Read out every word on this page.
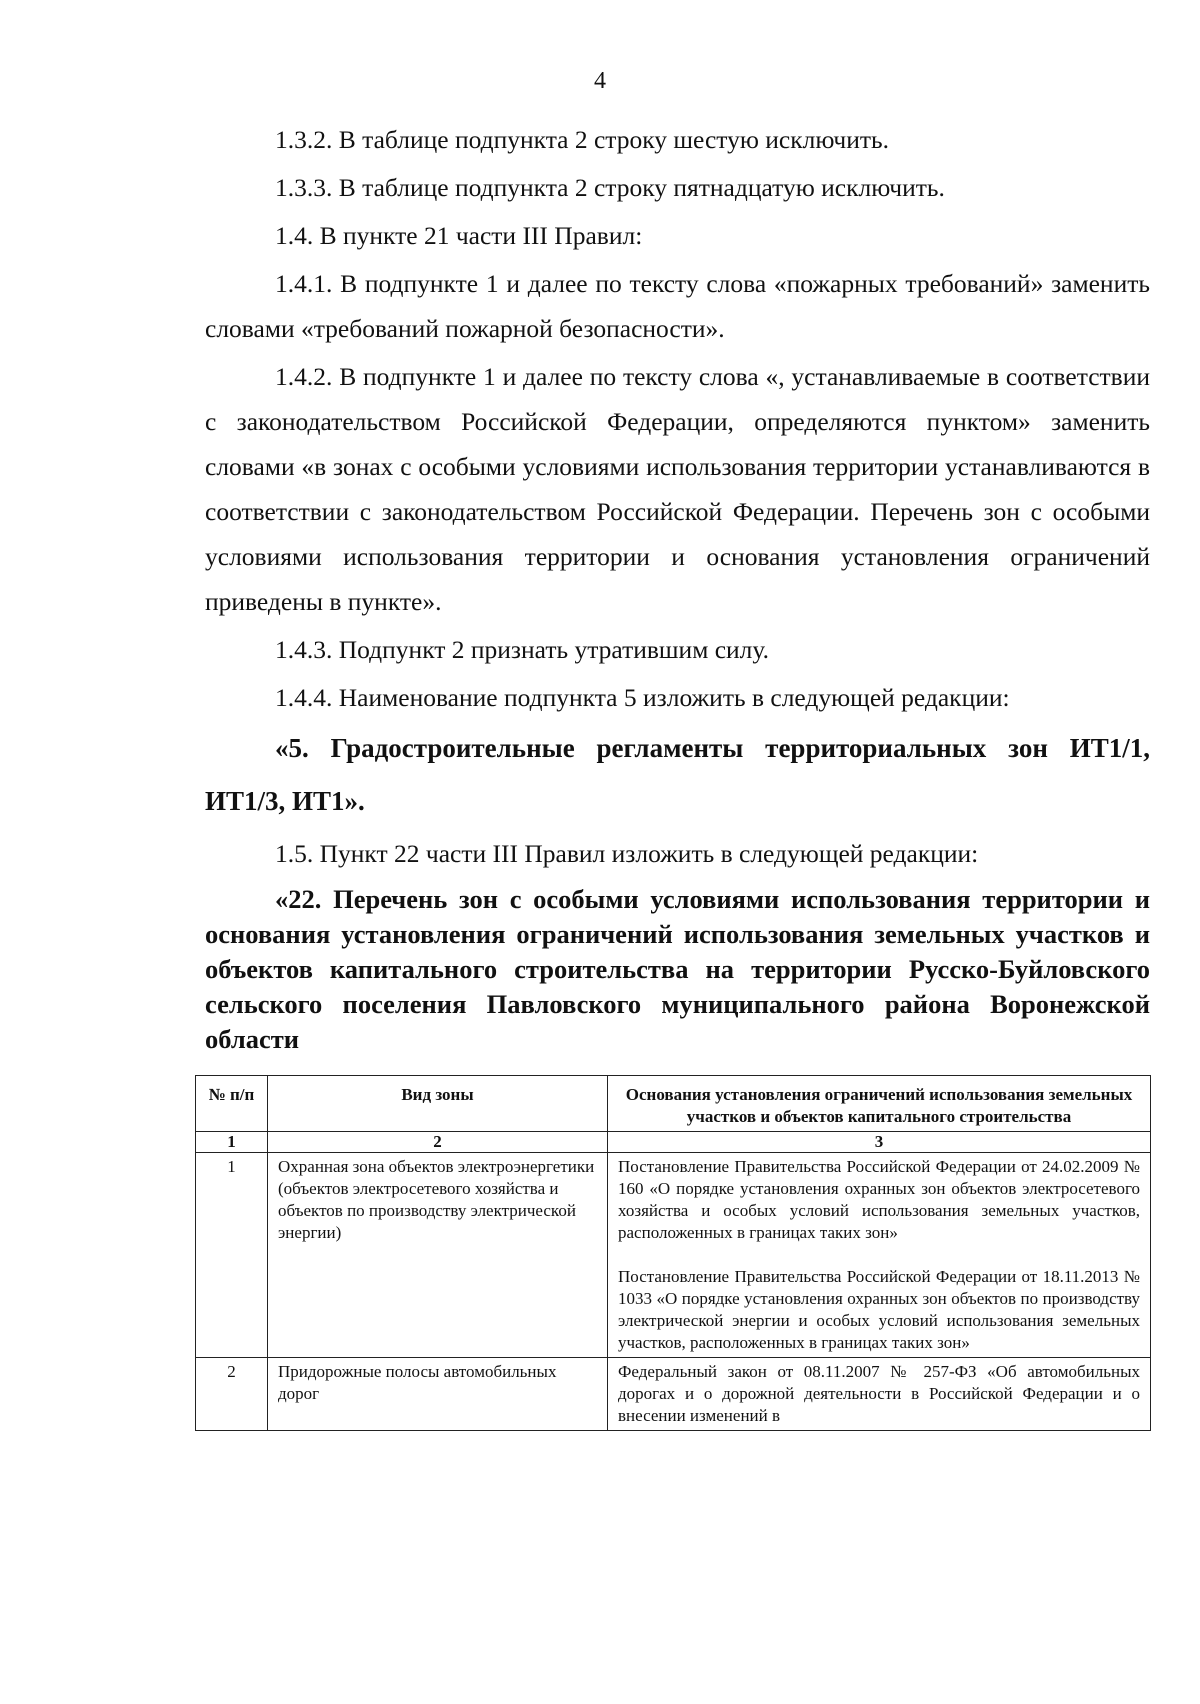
4

1.3.2. В таблице подпункта 2 строку шестую исключить.

1.3.3. В таблице подпункта 2 строку пятнадцатую исключить.

1.4. В пункте 21 части III Правил:

1.4.1. В подпункте 1 и далее по тексту слова «пожарных требований» заменить словами «требований пожарной безопасности».

1.4.2. В подпункте 1 и далее по тексту слова «, устанавливаемые в соответствии с законодательством Российской Федерации, определяются пунктом» заменить словами «в зонах с особыми условиями использования территории устанавливаются в соответствии с законодательством Российской Федерации. Перечень зон с особыми условиями использования территории и основания установления ограничений приведены в пункте».

1.4.3. Подпункт 2 признать утратившим силу.

1.4.4. Наименование подпункта 5 изложить в следующей редакции:

«5. Градостроительные регламенты территориальных зон ИТ1/1, ИТ1/3, ИТ1».

1.5. Пункт 22 части III Правил изложить в следующей редакции:

«22. Перечень зон с особыми условиями использования территории и основания установления ограничений использования земельных участков и объектов капитального строительства на территории Русско-Буйловского сельского поселения Павловского муниципального района Воронежской области

№ п/п	Вид зоны	Основания установления ограничений использования земельных участков и объектов капитального строительства
1	2	3
1	Охранная зона объектов электроэнергетики (объектов электросетевого хозяйства и объектов по производству электрической энергии)	Постановление Правительства Российской Федерации от 24.02.2009 № 160 «О порядке установления охранных зон объектов электросетевого хозяйства и особых условий использования земельных участков, расположенных в границах таких зон»
Постановление Правительства Российской Федерации от 18.11.2013 № 1033 «О порядке установления охранных зон объектов по производству электрической энергии и особых условий использования земельных участков, расположенных в границах таких зон»

2	Придорожные полосы автомобильных дорог	Федеральный закон от 08.11.2007 № 257-ФЗ «Об автомобильных дорогах и о дорожной деятельности в Российской Федерации и о внесении изменений в
